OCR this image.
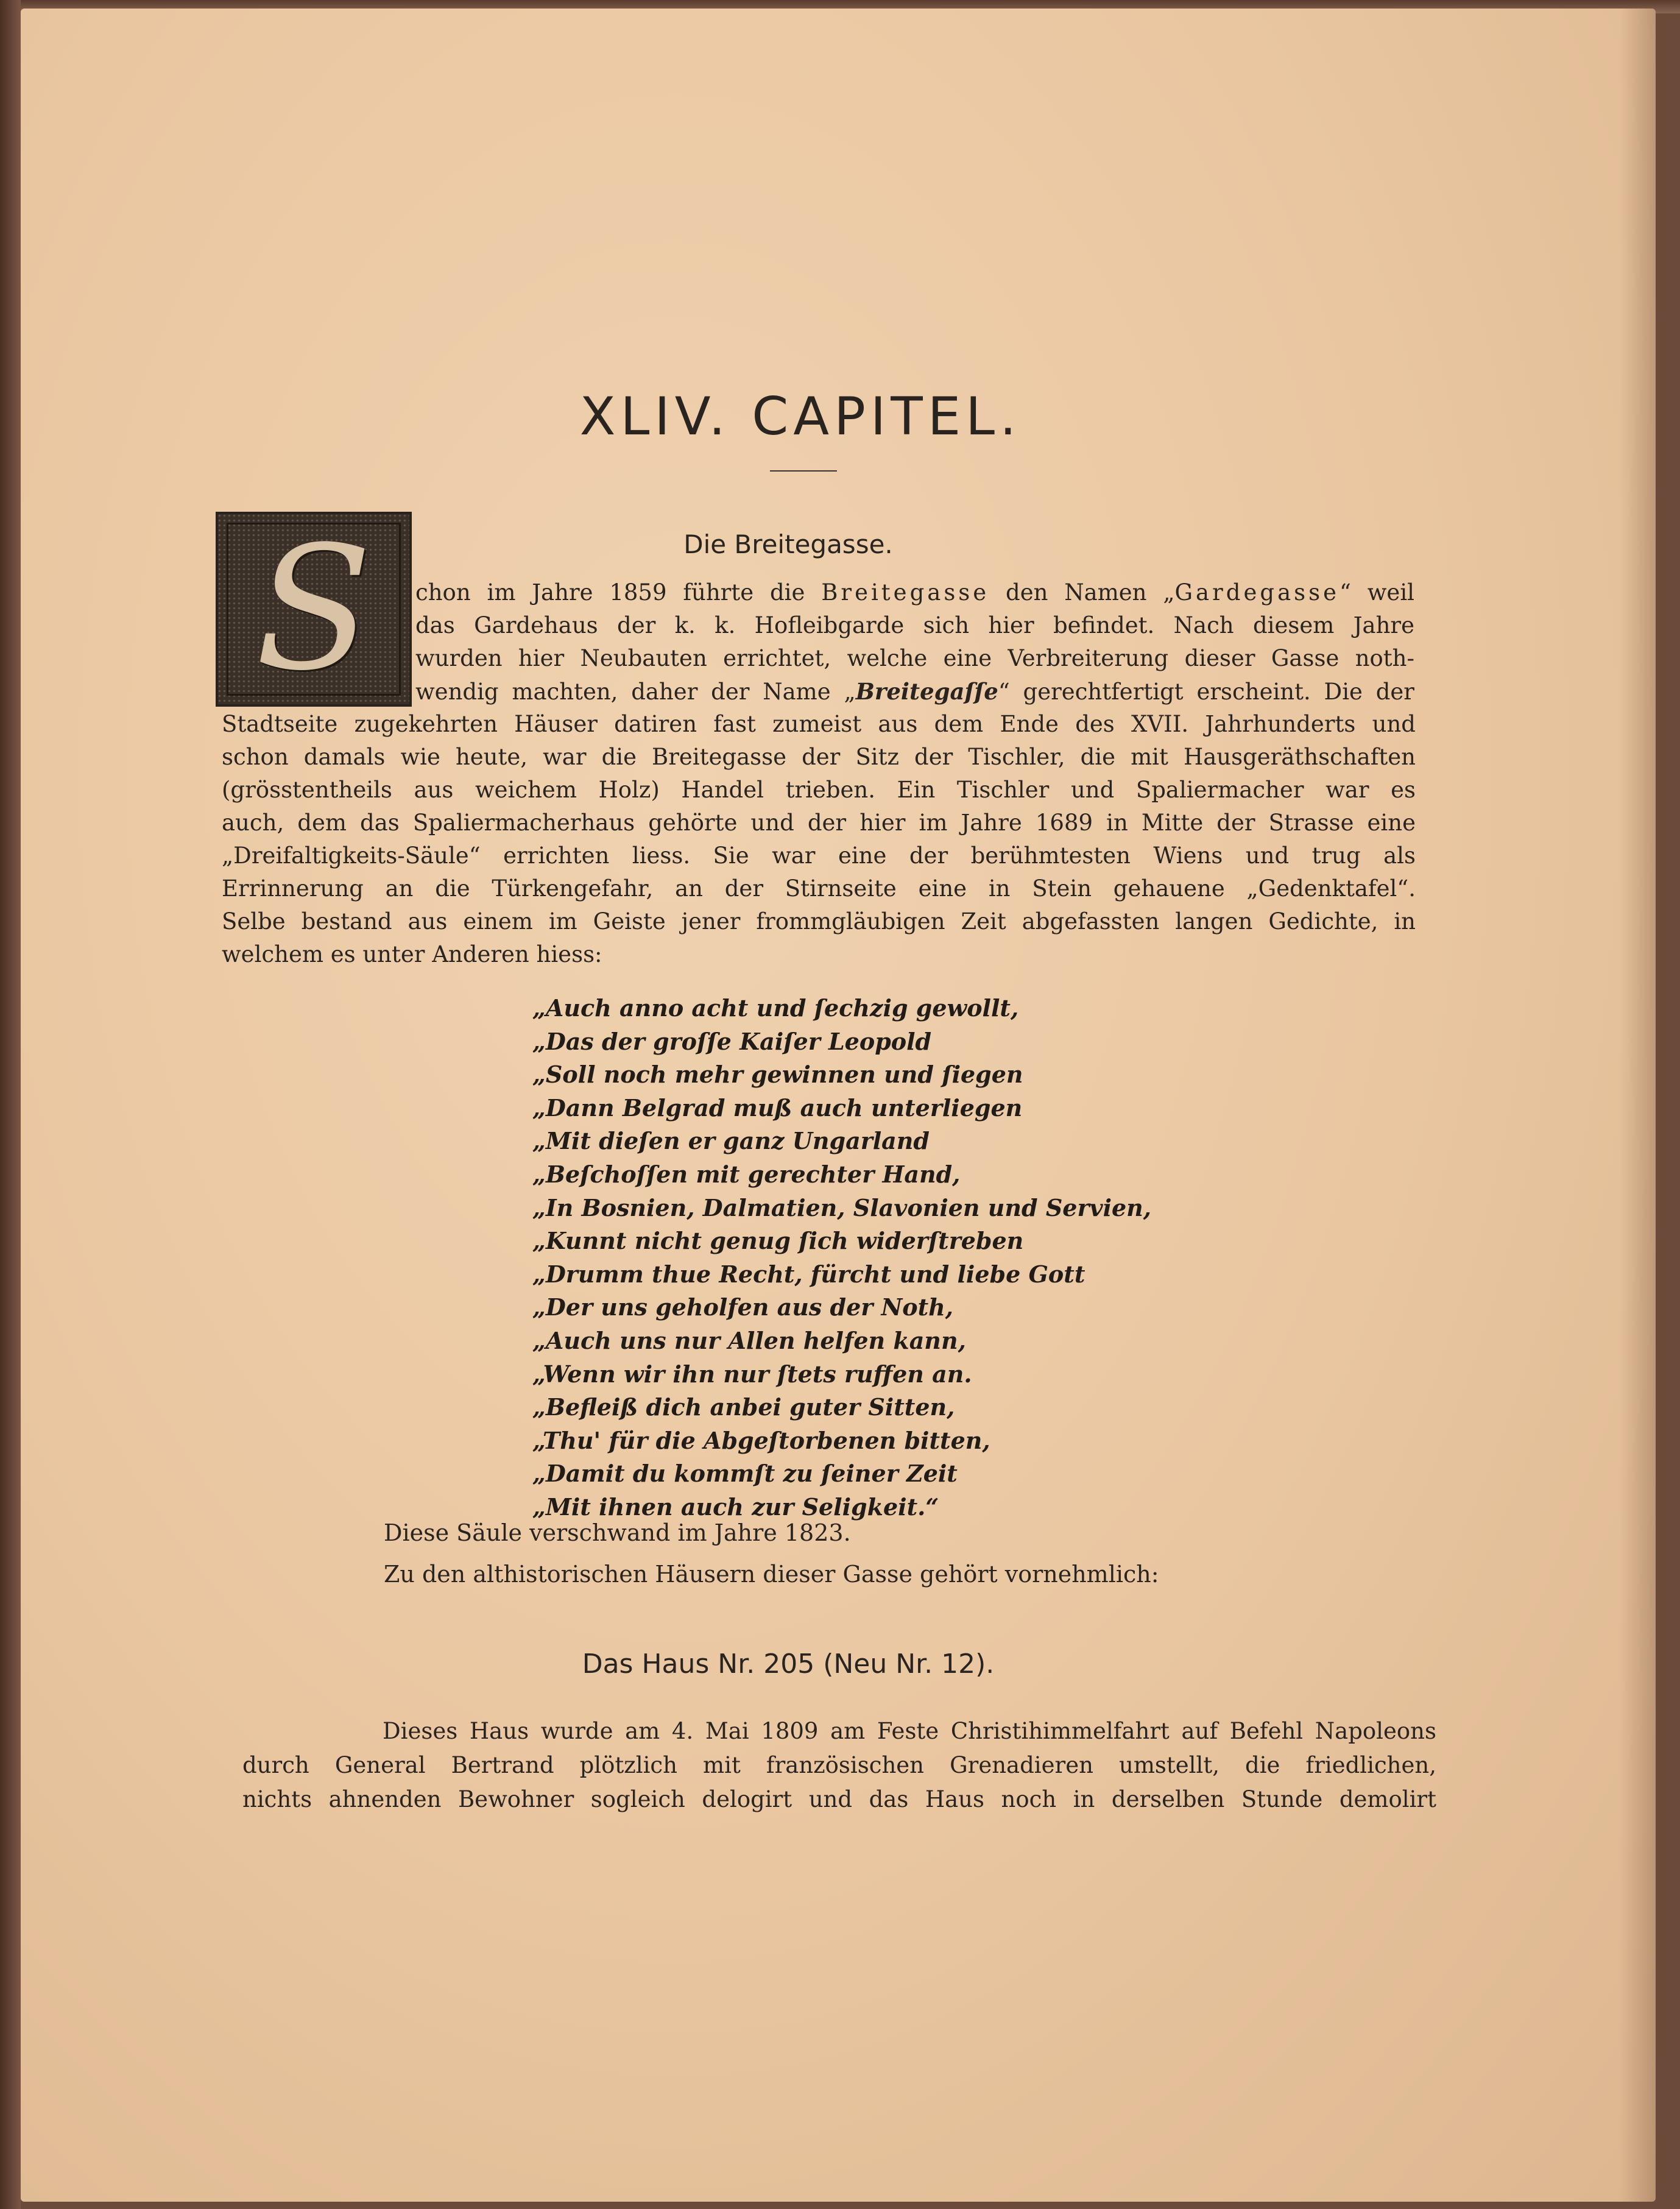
XLIV. CAPITEL.
Die Breitegasse.
S	chon im Jahre 1859 führte die Breitegasse den Namen „Gardegasse“ weil
das Gardehaus der k. k. Hofleibgarde sich hier befindet. Nach diesem Jahre
wurden hier Neubauten errichtet, welche eine Verbreiterung dieser Gasse noth-
wendig machten, daher der Name „Breitegaſſe“ gerechtfertigt erscheint. Die der
Stadtseite zugekehrten Häuser datiren fast zumeist aus dem Ende des XVII. Jahrhunderts und
schon damals wie heute, war die Breitegasse der Sitz der Tischler, die mit Hausgeräthschaften
(grösstentheils aus weichem Holz) Handel trieben. Ein Tischler und Spaliermacher war es
auch, dem das Spaliermacherhaus gehörte und der hier im Jahre 1689 in Mitte der Strasse eine
„Dreifaltigkeits-Säule“ errichten liess. Sie war eine der berühmtesten Wiens und trug als
Errinnerung an die Türkengefahr, an der Stirnseite eine in Stein gehauene „Gedenktafel“.
Selbe bestand aus einem im Geiste jener frommgläubigen Zeit abgefassten langen Gedichte, in
welchem es unter Anderen hiess:
„Auch anno acht und ſechzig gewollt,
„Das der groſſe Kaiſer Leopold
„Soll noch mehr gewinnen und ſiegen
„Dann Belgrad muß auch unterliegen
„Mit dieſen er ganz Ungarland
„Beſchoſſen mit gerechter Hand,
„In Bosnien, Dalmatien, Slavonien und Servien,
„Kunnt nicht genug ſich widerſtreben
„Drumm thue Recht, fürcht und liebe Gott
„Der uns geholfen aus der Noth,
„Auch uns nur Allen helfen kann,
„Wenn wir ihn nur ſtets ruffen an.
„Befleiß dich anbei guter Sitten,
„Thu' für die Abgeſtorbenen bitten,
„Damit du kommſt zu ſeiner Zeit
„Mit ihnen auch zur Seligkeit.“
Diese Säule verschwand im Jahre 1823.
Zu den althistorischen Häusern dieser Gasse gehört vornehmlich:
Das Haus Nr. 205 (Neu Nr. 12).
Dieses Haus wurde am 4. Mai 1809 am Feste Christihimmelfahrt auf Befehl Napoleons
durch General Bertrand plötzlich mit französischen Grenadieren umstellt, die friedlichen,
nichts ahnenden Bewohner sogleich delogirt und das Haus noch in derselben Stunde demolirt
